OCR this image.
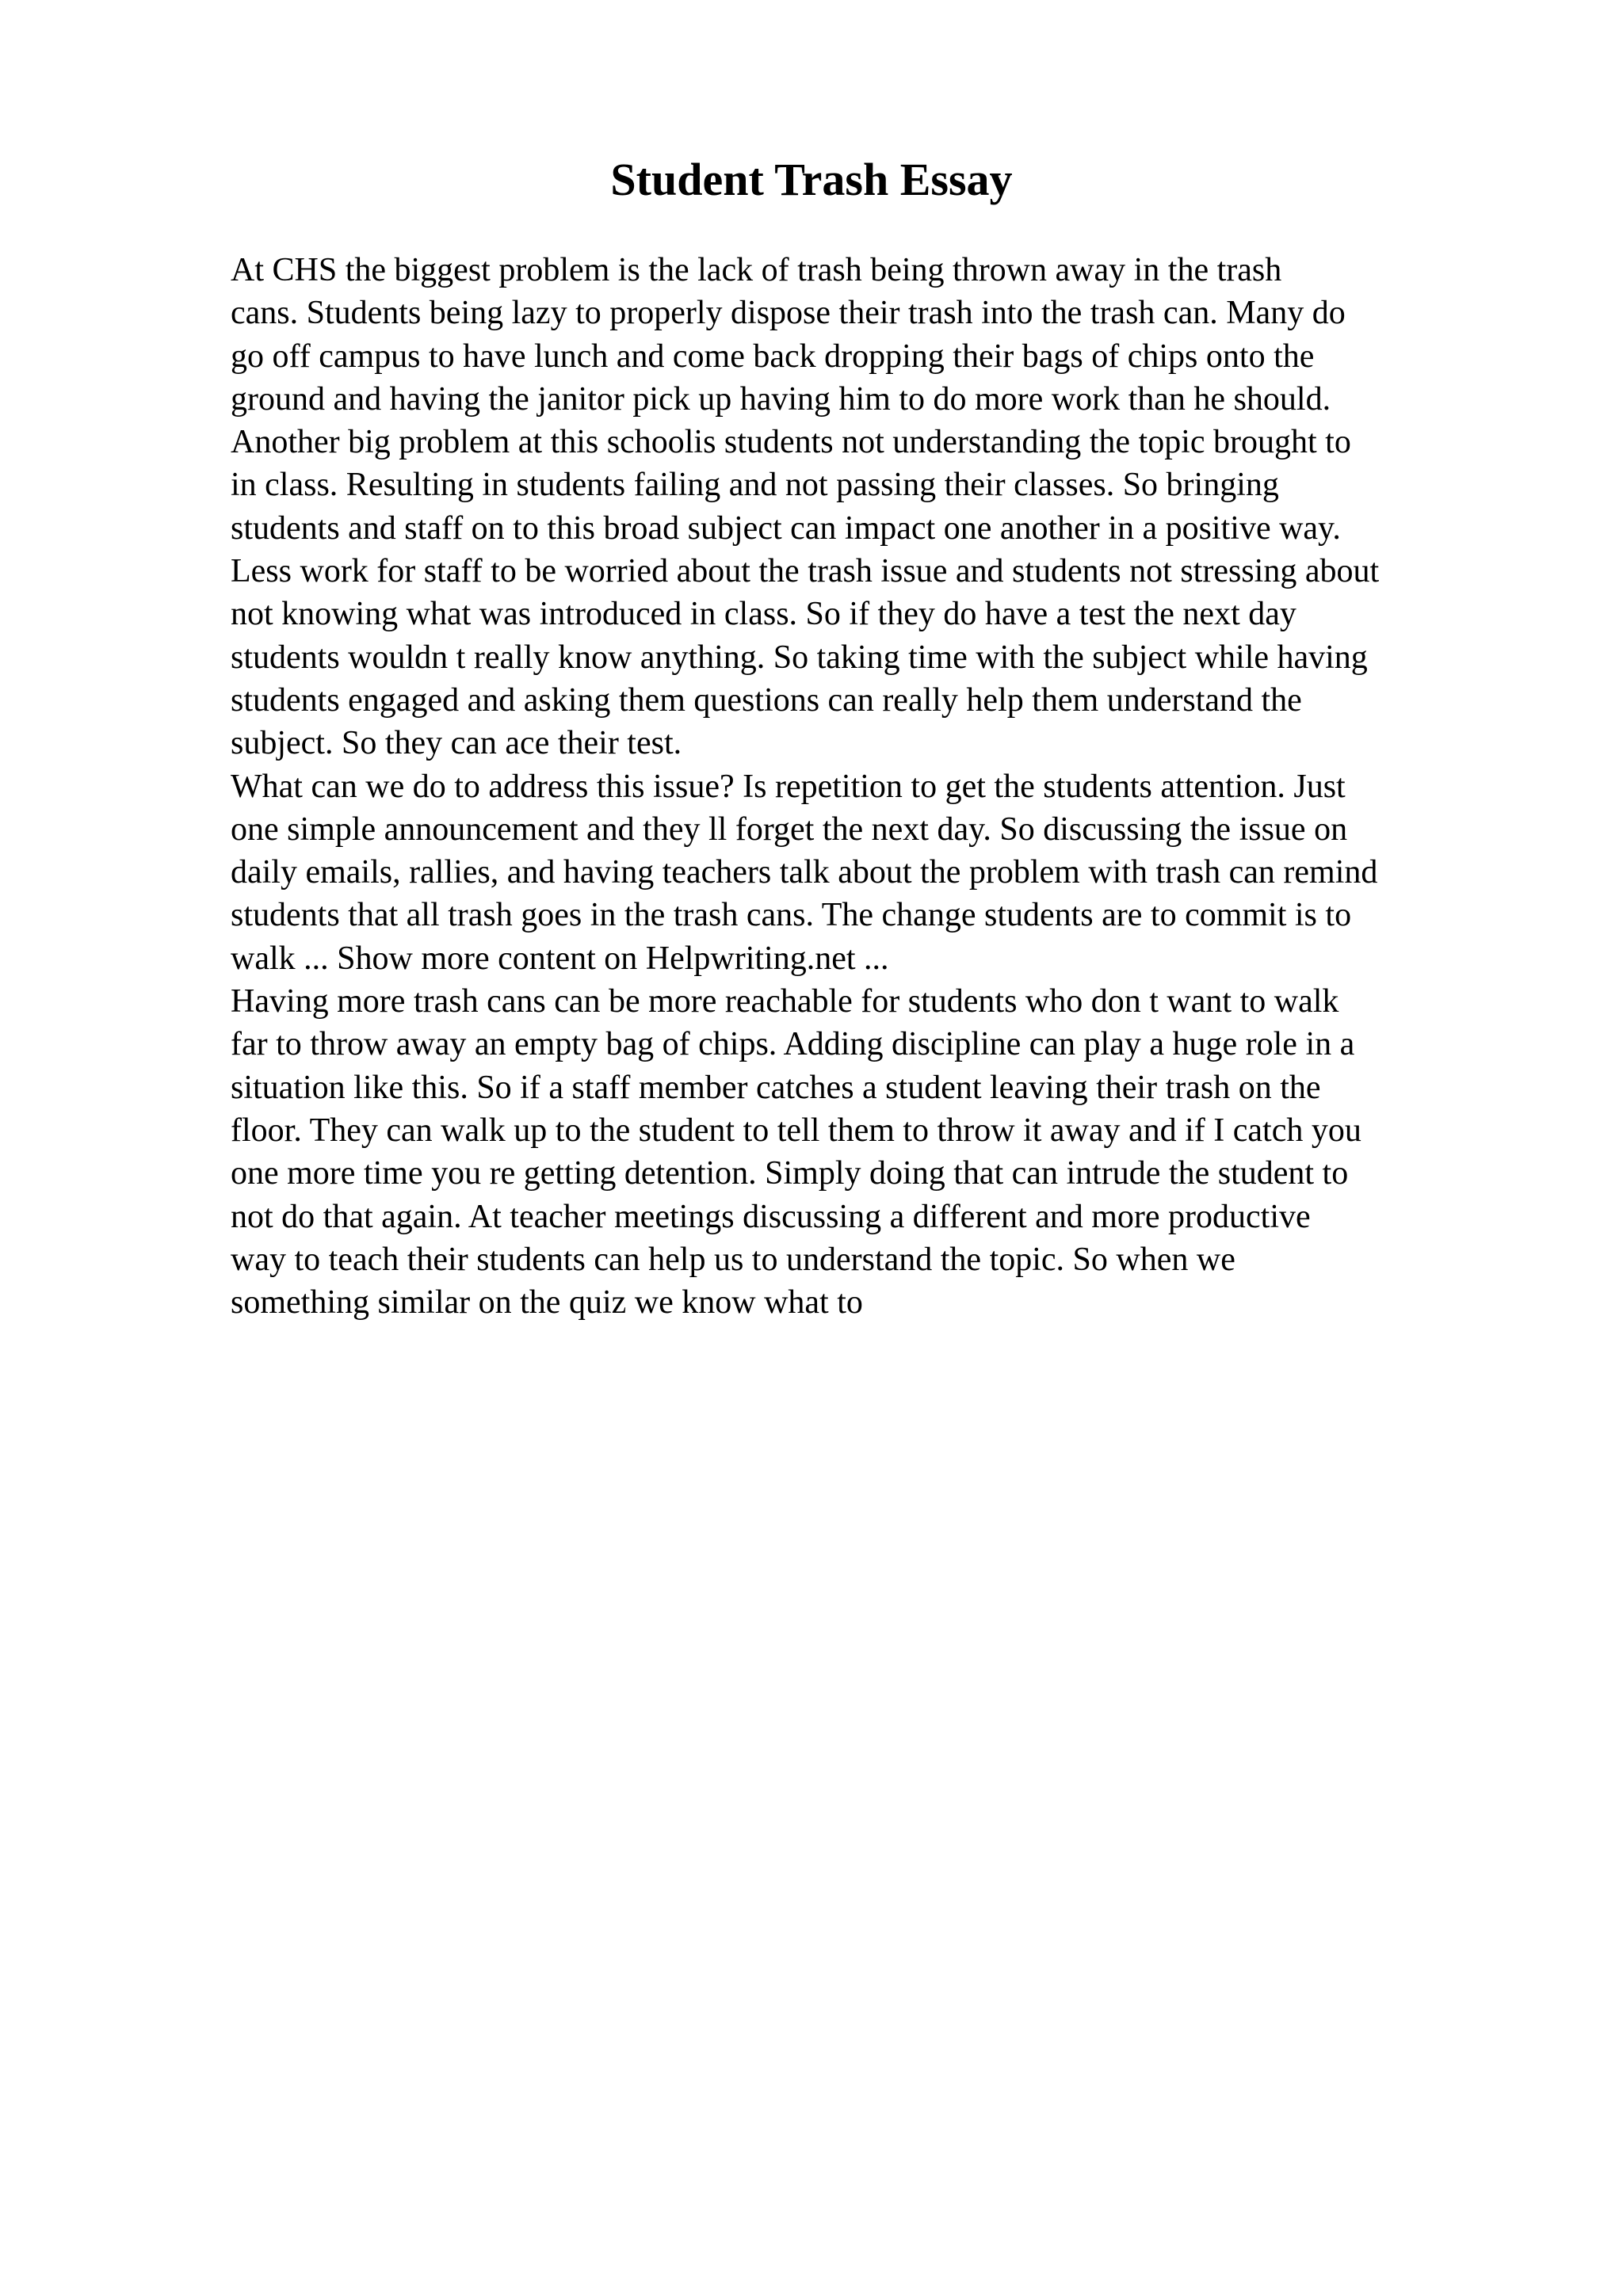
Student Trash Essay
At CHS the biggest problem is the lack of trash being thrown away in the trash
cans. Students being lazy to properly dispose their trash into the trash can. Many do
go off campus to have lunch and come back dropping their bags of chips onto the
ground and having the janitor pick up having him to do more work than he should.
Another big problem at this schoolis students not understanding the topic brought to
in class. Resulting in students failing and not passing their classes. So bringing
students and staff on to this broad subject can impact one another in a positive way.
Less work for staff to be worried about the trash issue and students not stressing about
not knowing what was introduced in class. So if they do have a test the next day
students wouldn t really know anything. So taking time with the subject while having
students engaged and asking them questions can really help them understand the
subject. So they can ace their test.
What can we do to address this issue? Is repetition to get the students attention. Just
one simple announcement and they ll forget the next day. So discussing the issue on
daily emails, rallies, and having teachers talk about the problem with trash can remind
students that all trash goes in the trash cans. The change students are to commit is to
walk ... Show more content on Helpwriting.net ...
Having more trash cans can be more reachable for students who don t want to walk
far to throw away an empty bag of chips. Adding discipline can play a huge role in a
situation like this. So if a staff member catches a student leaving their trash on the
floor. They can walk up to the student to tell them to throw it away and if I catch you
one more time you re getting detention. Simply doing that can intrude the student to
not do that again. At teacher meetings discussing a different and more productive
way to teach their students can help us to understand the topic. So when we
something similar on the quiz we know what to
